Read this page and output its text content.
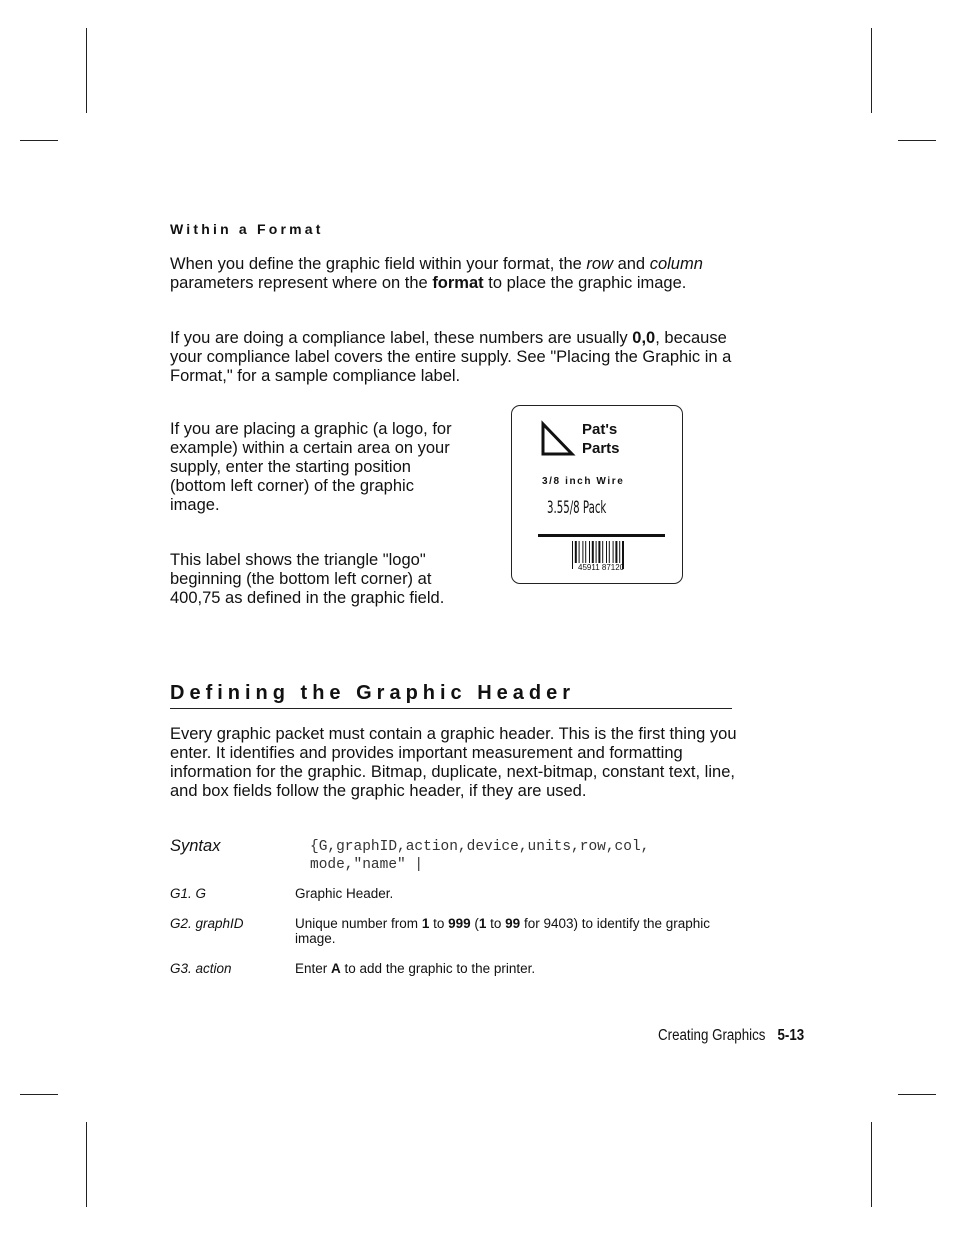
Within a Format

When you define the graphic field within your format, the row and column parameters represent where on the format to place the graphic image.

If you are doing a compliance label, these numbers are usually 0,0, because your compliance label covers the entire supply. See "Placing the Graphic in a Format," for a sample compliance label.

If you are placing a graphic (a logo, for example) within a certain area on your supply, enter the starting position (bottom left corner) of the graphic image.

This label shows the triangle "logo" beginning (the bottom left corner) at 400,75 as defined in the graphic field.

Pat's
Parts
3/8 inch Wire
3.55/8 Pack
45911 87120
Defining the Graphic Header

Every graphic packet must contain a graphic header. This is the first thing you enter. It identifies and provides important measurement and formatting information for the graphic. Bitmap, duplicate, next-bitmap, constant text, line, and box fields follow the graphic header, if they are used.

Syntax	{G,graphID,action,device,units,row,col,
mode,"name" |
G1. G	Graphic Header.
G2. graphID	Unique number from 1 to 999 (1 to 99 for 9403) to identify the graphic image.
G3. action	Enter A to add the graphic to the printer.
Creating Graphics 5-13
